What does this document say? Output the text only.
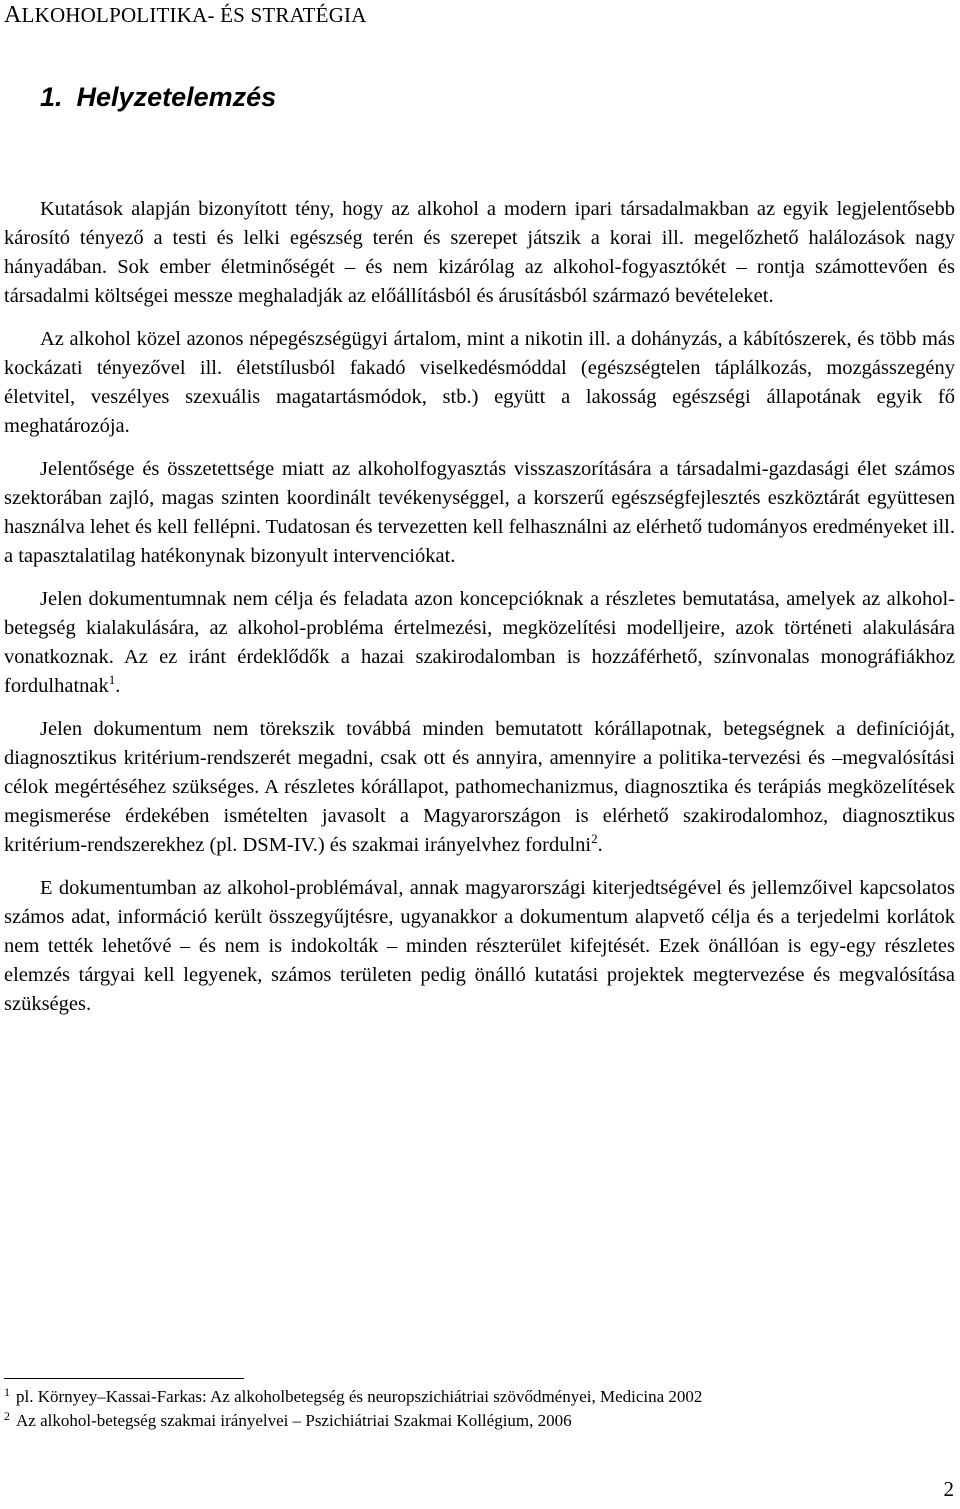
ALKOHOLPOLITIKA- ÉS STRATÉGIA
1. Helyzetelemzés

Kutatások alapján bizonyított tény, hogy az alkohol a modern ipari társadalmakban az egyik legjelentősebb károsító tényező a testi és lelki egészség terén és szerepet játszik a korai ill. megelőzhető halálozások nagy hányadában. Sok ember életminőségét – és nem kizárólag az alkohol-fogyasztókét – rontja számottevően és társadalmi költségei messze meghaladják az előállításból és árusításból származó bevételeket.

Az alkohol közel azonos népegészségügyi ártalom, mint a nikotin ill. a dohányzás, a kábítószerek, és több más kockázati tényezővel ill. életstílusból fakadó viselkedésmóddal (egészségtelen táplálkozás, mozgásszegény életvitel, veszélyes szexuális magatartásmódok, stb.) együtt a lakosság egészségi állapotának egyik fő meghatározója.

Jelentősége és összetettsége miatt az alkoholfogyasztás visszaszorítására a társadalmi-gazdasági élet számos szektorában zajló, magas szinten koordinált tevékenységgel, a korszerű egészségfejlesztés eszköztárát együttesen használva lehet és kell fellépni. Tudatosan és tervezetten kell felhasználni az elérhető tudományos eredményeket ill. a tapasztalatilag hatékonynak bizonyult intervenciókat.

Jelen dokumentumnak nem célja és feladata azon koncepcióknak a részletes bemutatása, amelyek az alkohol-betegség kialakulására, az alkohol-probléma értelmezési, megközelítési modelljeire, azok történeti alakulására vonatkoznak. Az ez iránt érdeklődők a hazai szakirodalomban is hozzáférhető, színvonalas monográfiákhoz fordulhatnak$^1$.

Jelen dokumentum nem törekszik továbbá minden bemutatott kórállapotnak, betegségnek a definícióját, diagnosztikus kritérium-rendszerét megadni, csak ott és annyira, amennyire a politika-tervezési és –megvalósítási célok megértéséhez szükséges. A részletes kórállapot, pathomechanizmus, diagnosztika és terápiás megközelítések megismerése érdekében ismételten javasolt a Magyarországon is elérhető szakirodalomhoz, diagnosztikus kritérium-rendszerekhez (pl. DSM-IV.) és szakmai irányelvhez fordulni$^2$.

E dokumentumban az alkohol-problémával, annak magyarországi kiterjedtségével és jellemzőivel kapcsolatos számos adat, információ került összegyűjtésre, ugyanakkor a dokumentum alapvető célja és a terjedelmi korlátok nem tették lehetővé – és nem is indokolták – minden részterület kifejtését. Ezek önállóan is egy-egy részletes elemzés tárgyai kell legyenek, számos területen pedig önálló kutatási projektek megtervezése és megvalósítása szükséges.

$^1$ pl. Környey–Kassai-Farkas: Az alkoholbetegség és neuropszichiátriai szövődményei, Medicina 2002

$^2$ Az alkohol-betegség szakmai irányelvei – Pszichiátriai Szakmai Kollégium, 2006

2
